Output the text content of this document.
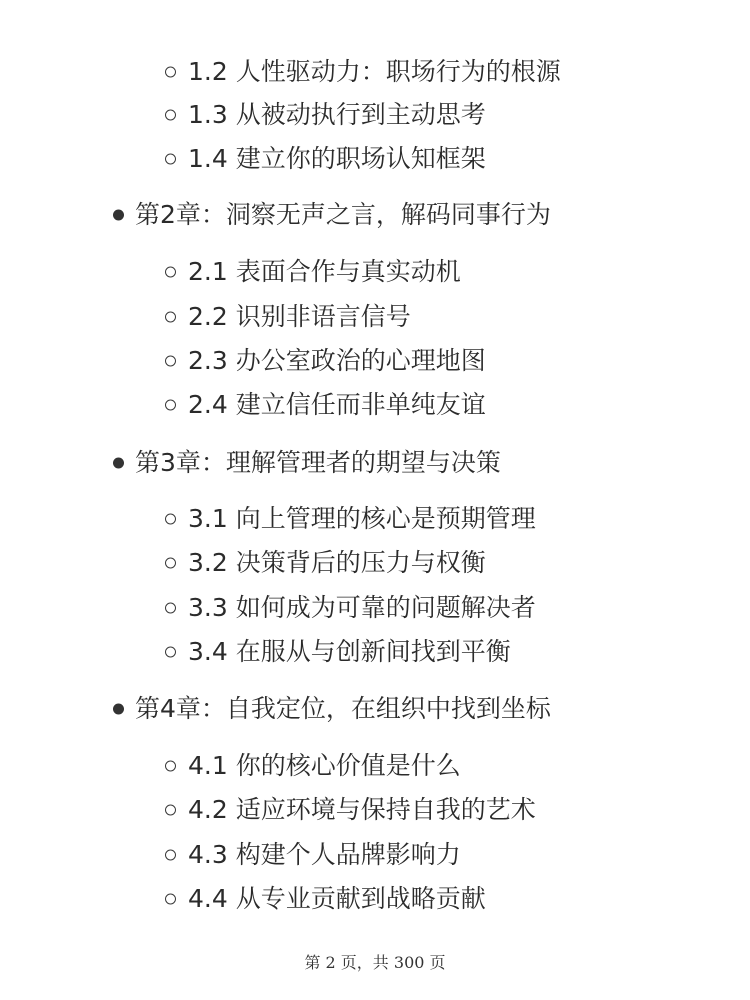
1.2 人性驱动力：职场行为的根源
1.3 从被动执行到主动思考
1.4 建立你的职场认知框架
第2章：洞察无声之言，解码同事行为
2.1 表面合作与真实动机
2.2 识别非语言信号
2.3 办公室政治的心理地图
2.4 建立信任而非单纯友谊
第3章：理解管理者的期望与决策
3.1 向上管理的核心是预期管理
3.2 决策背后的压力与权衡
3.3 如何成为可靠的问题解决者
3.4 在服从与创新间找到平衡
第4章：自我定位，在组织中找到坐标
4.1 你的核心价值是什么
4.2 适应环境与保持自我的艺术
4.3 构建个人品牌影响力
4.4 从专业贡献到战略贡献
第 2 页，共 300 页
